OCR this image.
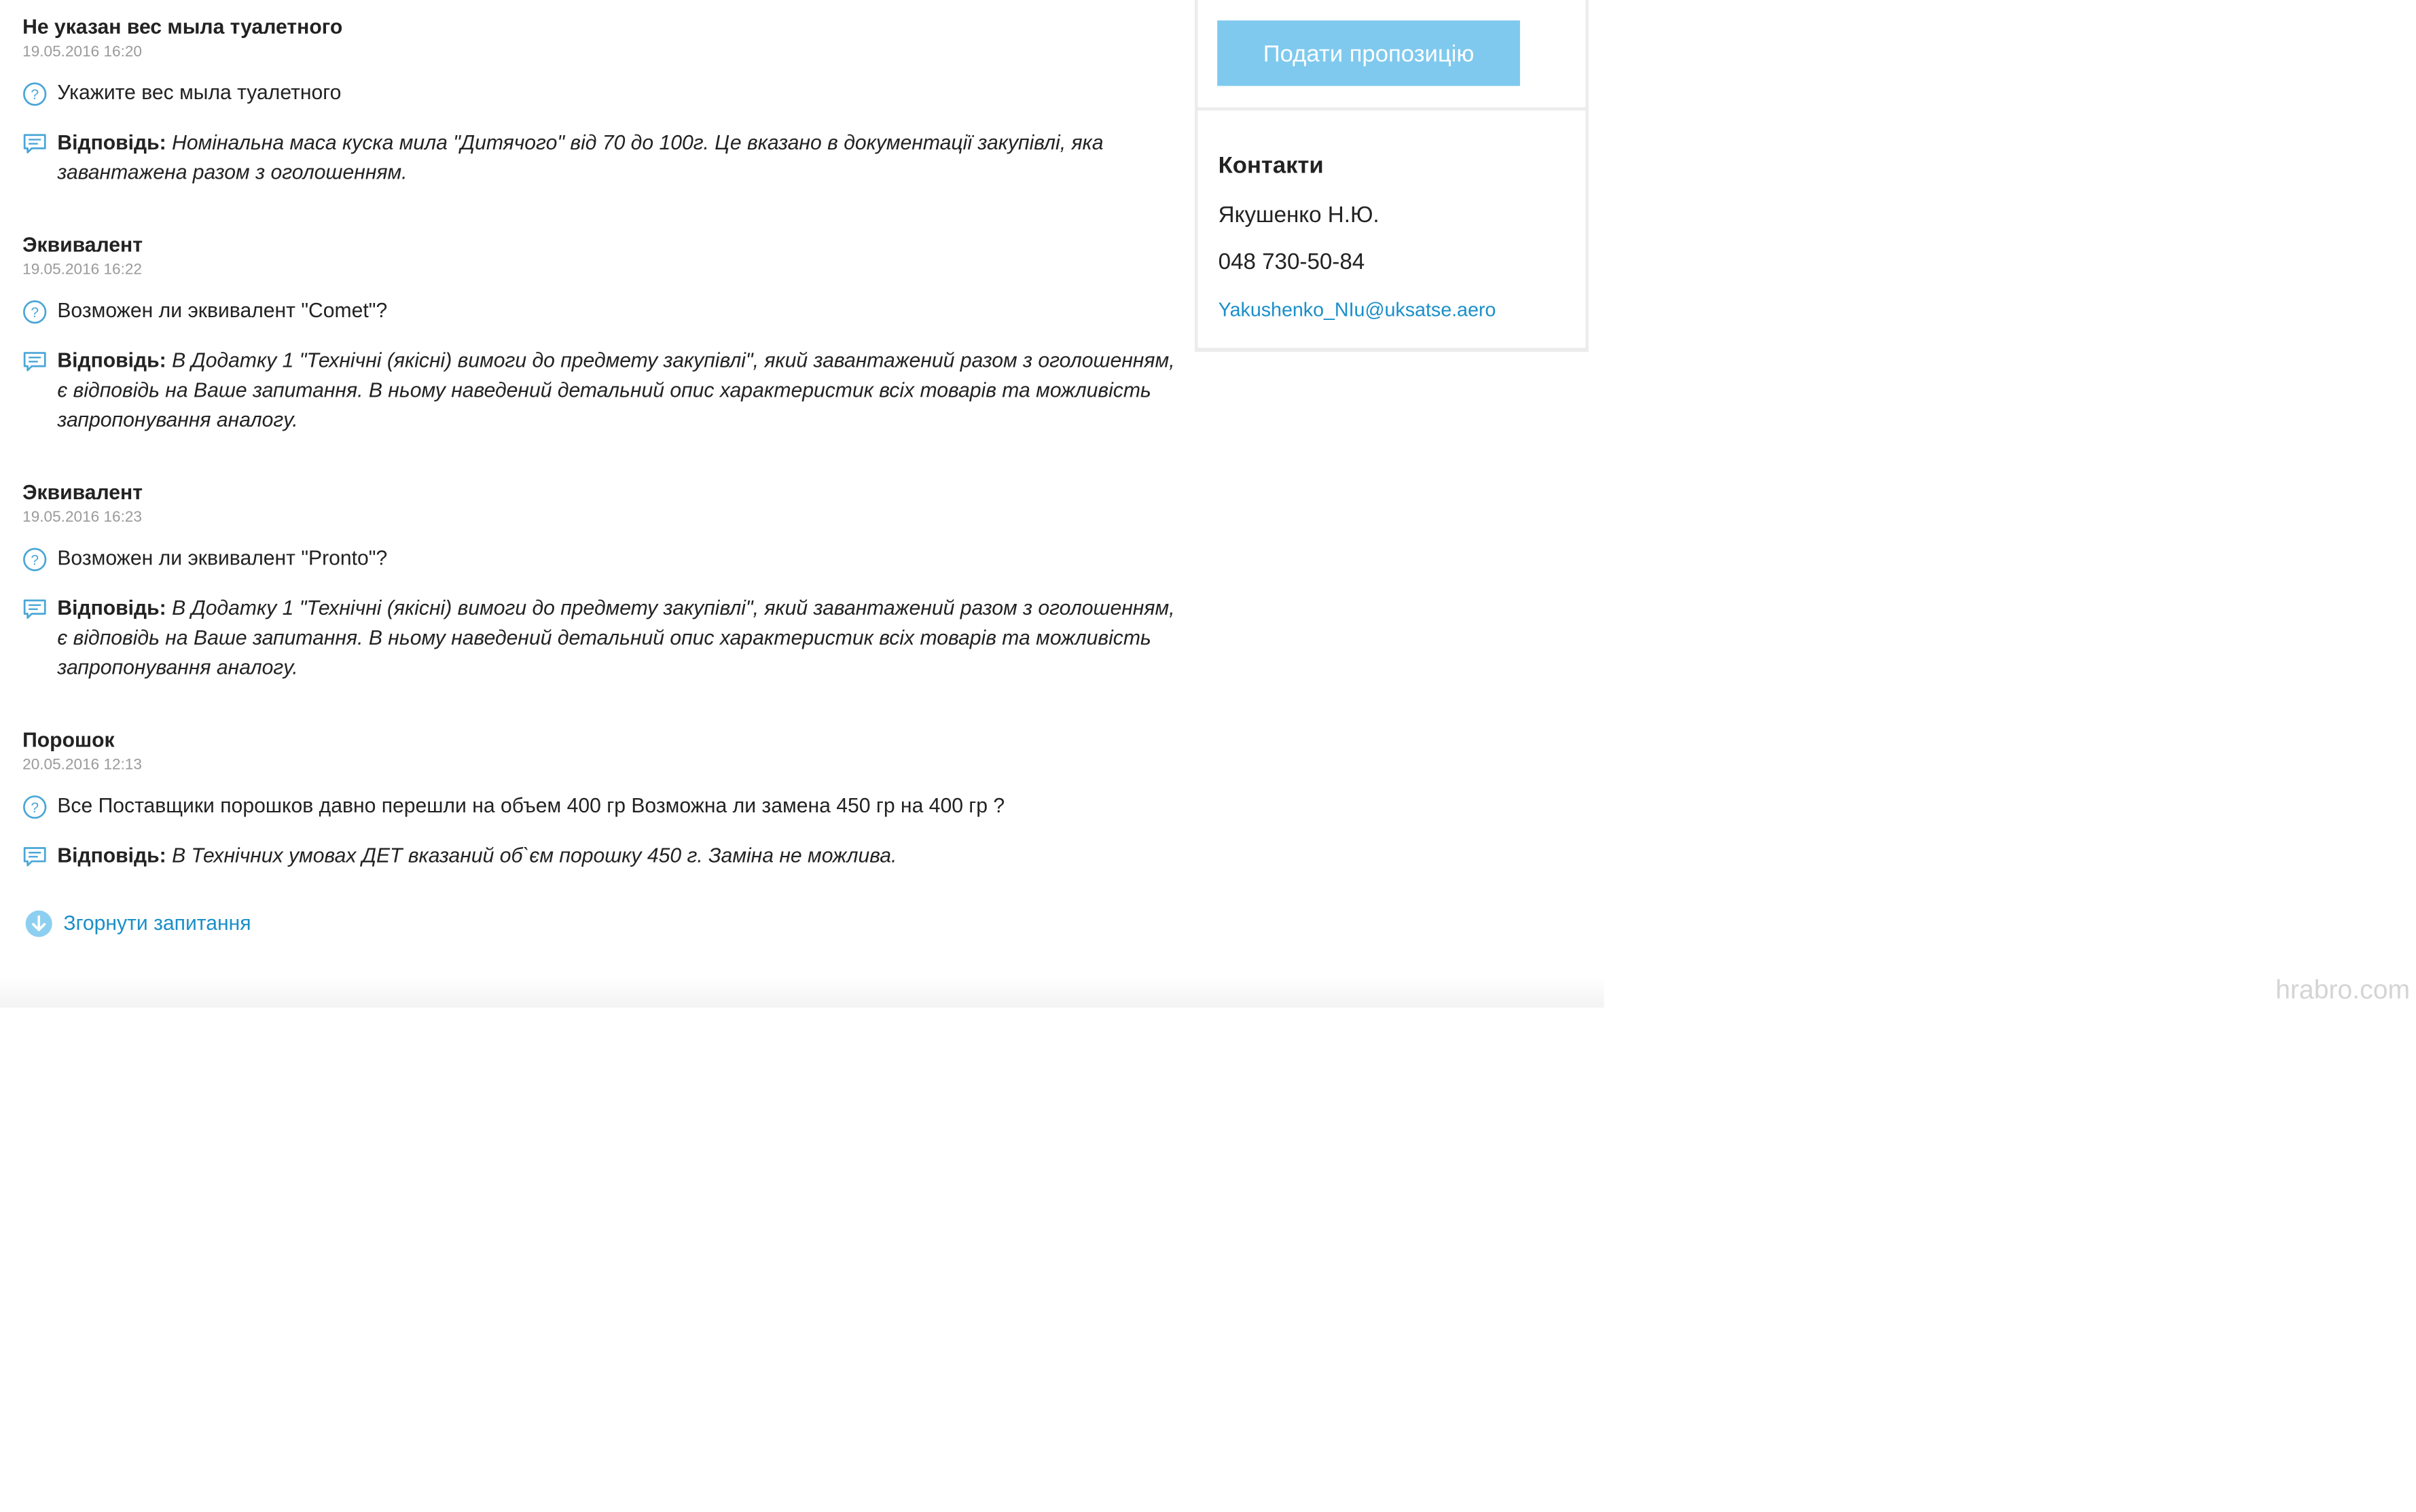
Не указан вес мыла туалетного
19.05.2016 16:20
? Укажите вес мыла туалетного
Відповідь: Номінальна маса куска мила "Дитячого" від 70 до 100г. Це вказано в документації закупівлі, яка завантажена разом з оголошенням.
Эквивалент
19.05.2016 16:22
? Возможен ли эквивалент "Comet"?
Відповідь: В Додатку 1 "Технічні (якісні) вимоги до предмету закупівлі", який завантажений разом з оголошенням, є відповідь на Ваше запитання. В ньому наведений детальний опис характеристик всіх товарів та можливість запропонування аналогу.
Эквивалент
19.05.2016 16:23
? Возможен ли эквивалент "Pronto"?
Відповідь: В Додатку 1 "Технічні (якісні) вимоги до предмету закупівлі", який завантажений разом з оголошенням, є відповідь на Ваше запитання. В ньому наведений детальний опис характеристик всіх товарів та можливість запропонування аналогу.
Порошок
20.05.2016 12:13
? Все Поставщики порошков давно перешли на объем 400 гр Возможна ли замена 450 гр на 400 гр ?
Відповідь: В Технічних умовах ДЕТ вказаний об`єм порошку 450 г. Заміна не можлива.
Згорнути запитання
Подати пропозицію
Контакти
Якушенко Н.Ю.
048 730-50-84
Yakushenko_NIu@uksatse.aero
hrabro.com
